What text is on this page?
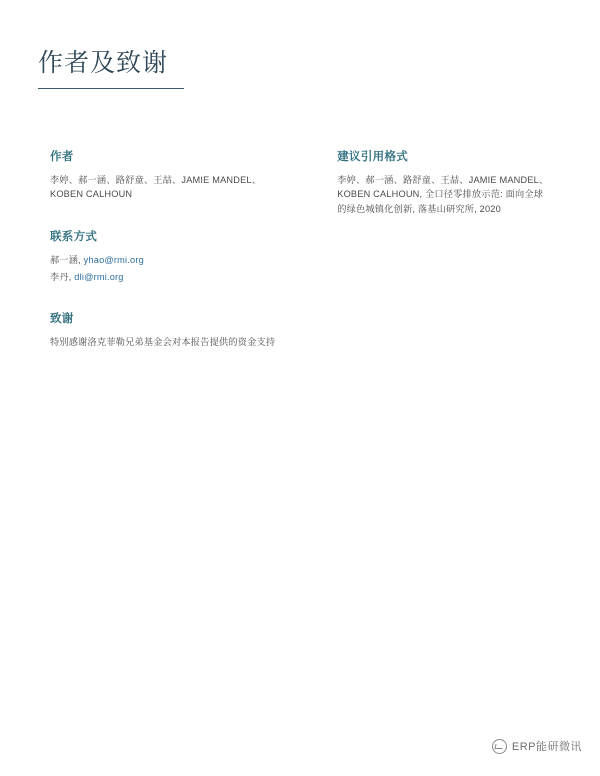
作者及致谢

作者

李婷、郝一涵、路舒童、王喆、JAMIE MANDEL、KOBEN CALHOUN

联系方式

郝一涵, yhao@rmi.org

李丹, dli@rmi.org

致谢

特别感谢洛克菲勒兄弟基金会对本报告提供的资金支持

建议引用格式

李婷、郝一涵、路舒童、王喆、JAMIE MANDEL、KOBEN CALHOUN, 全口径零排放示范: 面向全球的绿色城镇化创新, 落基山研究所, 2020

ERP能研微讯
